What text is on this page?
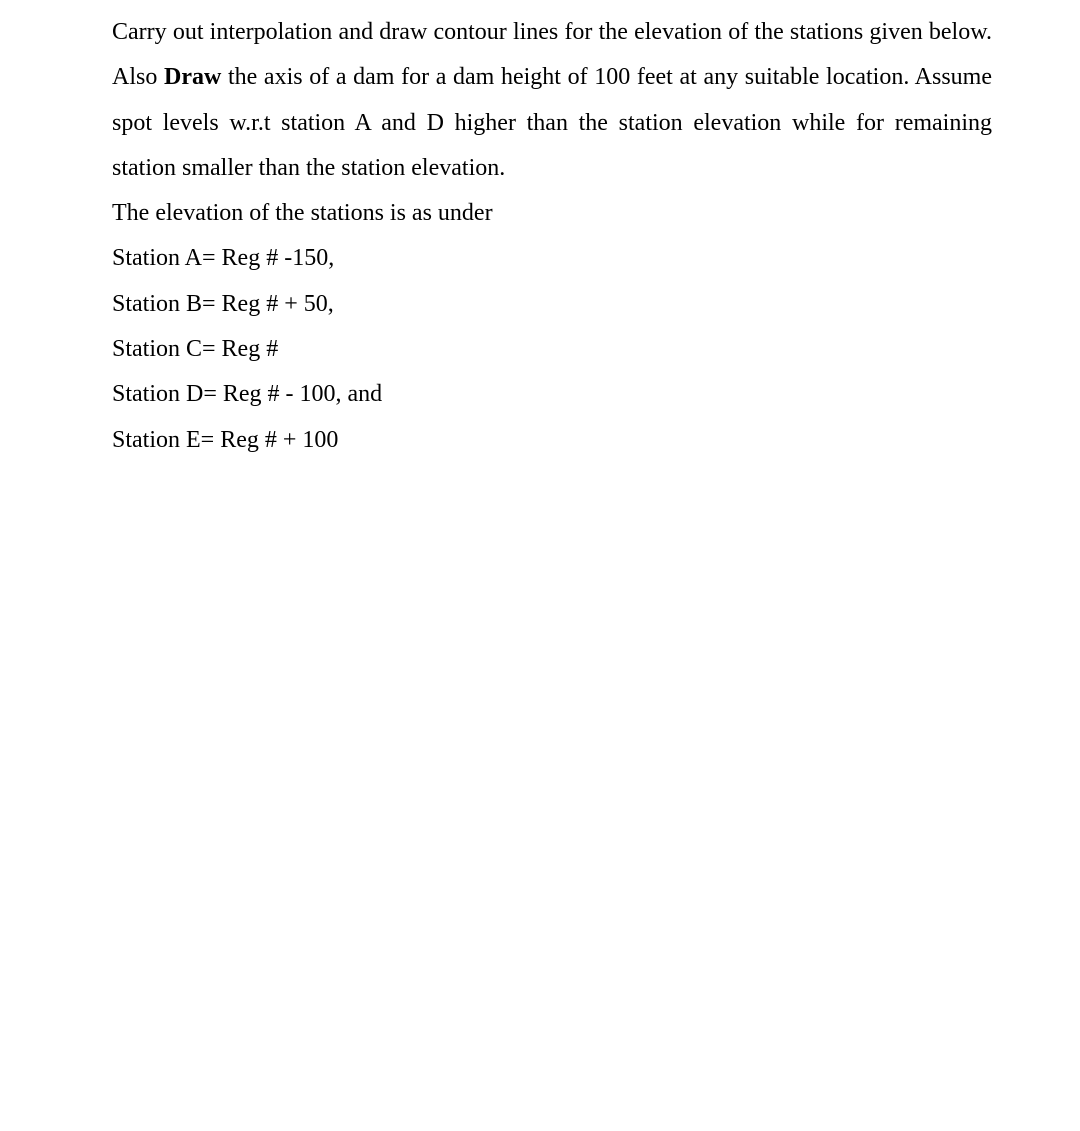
Carry out interpolation and draw contour lines for the elevation of the stations given below. Also Draw the axis of a dam for a dam height of 100 feet at any suitable location. Assume spot levels w.r.t station A and D higher than the station elevation while for remaining station smaller than the station elevation.

The elevation of the stations is as under

Station A= Reg # -150,

Station B= Reg # + 50,

Station C= Reg #

Station D= Reg # - 100, and

Station E= Reg # + 100
